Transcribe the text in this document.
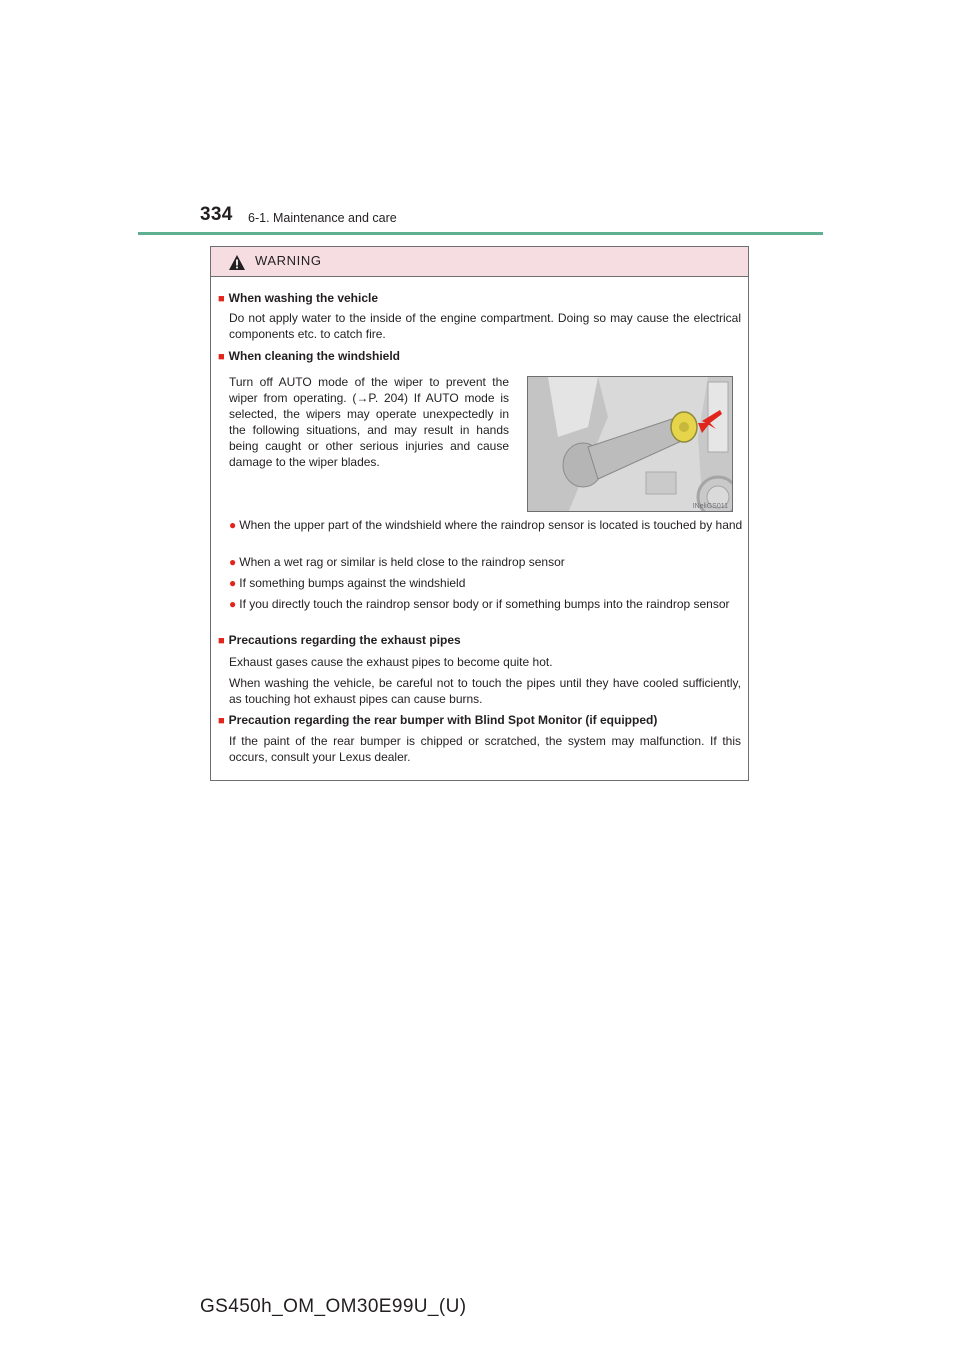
334 6-1. Maintenance and care
WARNING
■ When washing the vehicle
Do not apply water to the inside of the engine compartment. Doing so may cause the electrical components etc. to catch fire.
■ When cleaning the windshield
Turn off AUTO mode of the wiper to prevent the wiper from operating. (→P. 204) If AUTO mode is selected, the wipers may operate unexpectedly in the following situations, and may result in hands being caught or other serious injuries and cause damage to the wiper blades.
INeliGS011
● When the upper part of the windshield where the raindrop sensor is located is touched by hand
● When a wet rag or similar is held close to the raindrop sensor
● If something bumps against the windshield
● If you directly touch the raindrop sensor body or if something bumps into the raindrop sensor
■ Precautions regarding the exhaust pipes
Exhaust gases cause the exhaust pipes to become quite hot.
When washing the vehicle, be careful not to touch the pipes until they have cooled sufficiently, as touching hot exhaust pipes can cause burns.
■ Precaution regarding the rear bumper with Blind Spot Monitor (if equipped)
If the paint of the rear bumper is chipped or scratched, the system may malfunction. If this occurs, consult your Lexus dealer.
GS450h_OM_OM30E99U_(U)
